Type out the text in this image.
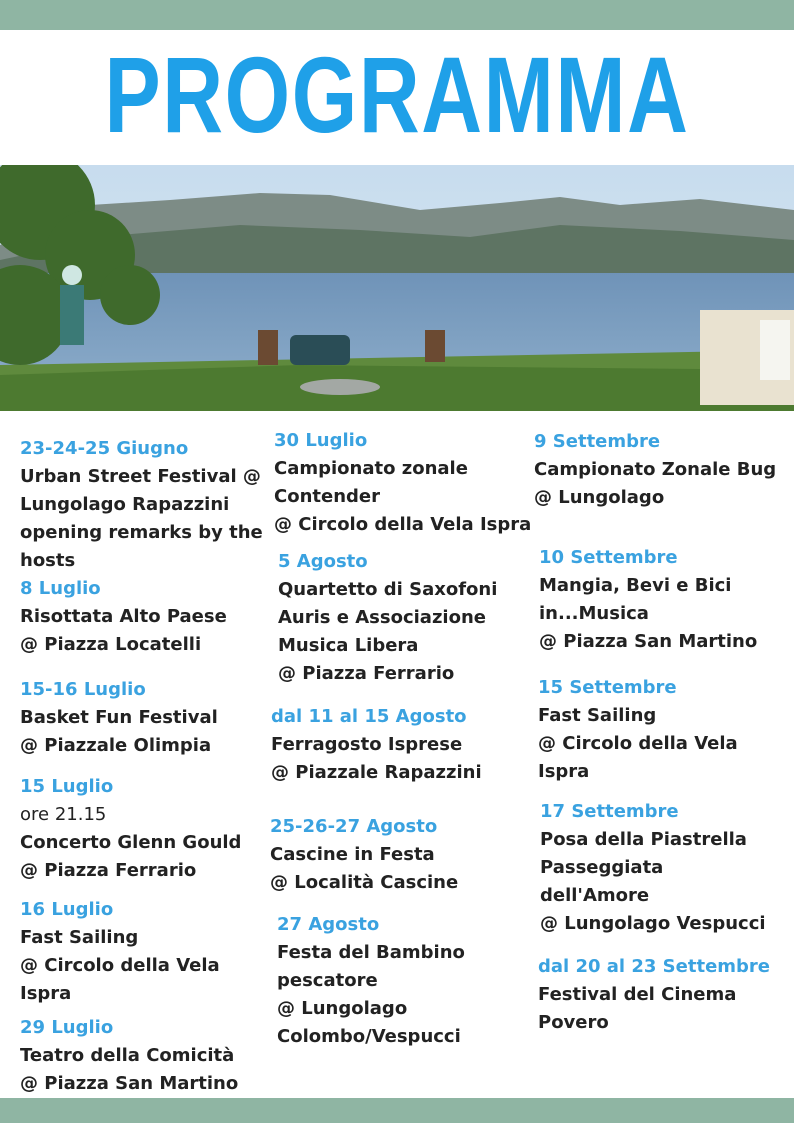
PROGRAMMA
23-24-25 Giugno
Urban Street Festival @
Lungolago Rapazzini
opening remarks by the
hosts
8 Luglio
Risottata Alto Paese
@ Piazza Locatelli
15-16 Luglio
Basket Fun Festival
@ Piazzale Olimpia
15 Luglio
ore 21.15
Concerto Glenn Gould
@ Piazza Ferrario
16 Luglio
Fast Sailing
@ Circolo della Vela
Ispra
29 Luglio
Teatro della Comicità
@ Piazza San Martino
30 Luglio
Campionato zonale
Contender
@ Circolo della Vela Ispra
5 Agosto
Quartetto di Saxofoni
Auris e Associazione
Musica Libera
@ Piazza Ferrario
dal 11 al 15 Agosto
Ferragosto Isprese
@ Piazzale Rapazzini
25-26-27 Agosto
Cascine in Festa
@ Località Cascine
27 Agosto
Festa del Bambino
pescatore
@ Lungolago
Colombo/Vespucci
9 Settembre
Campionato Zonale Bug
@ Lungolago
10 Settembre
Mangia, Bevi e Bici
in...Musica
@ Piazza San Martino
15 Settembre
Fast Sailing
@ Circolo della Vela
Ispra
17 Settembre
Posa della Piastrella
Passeggiata
dell'Amore
@ Lungolago Vespucci
dal 20 al 23 Settembre
Festival del Cinema
Povero
